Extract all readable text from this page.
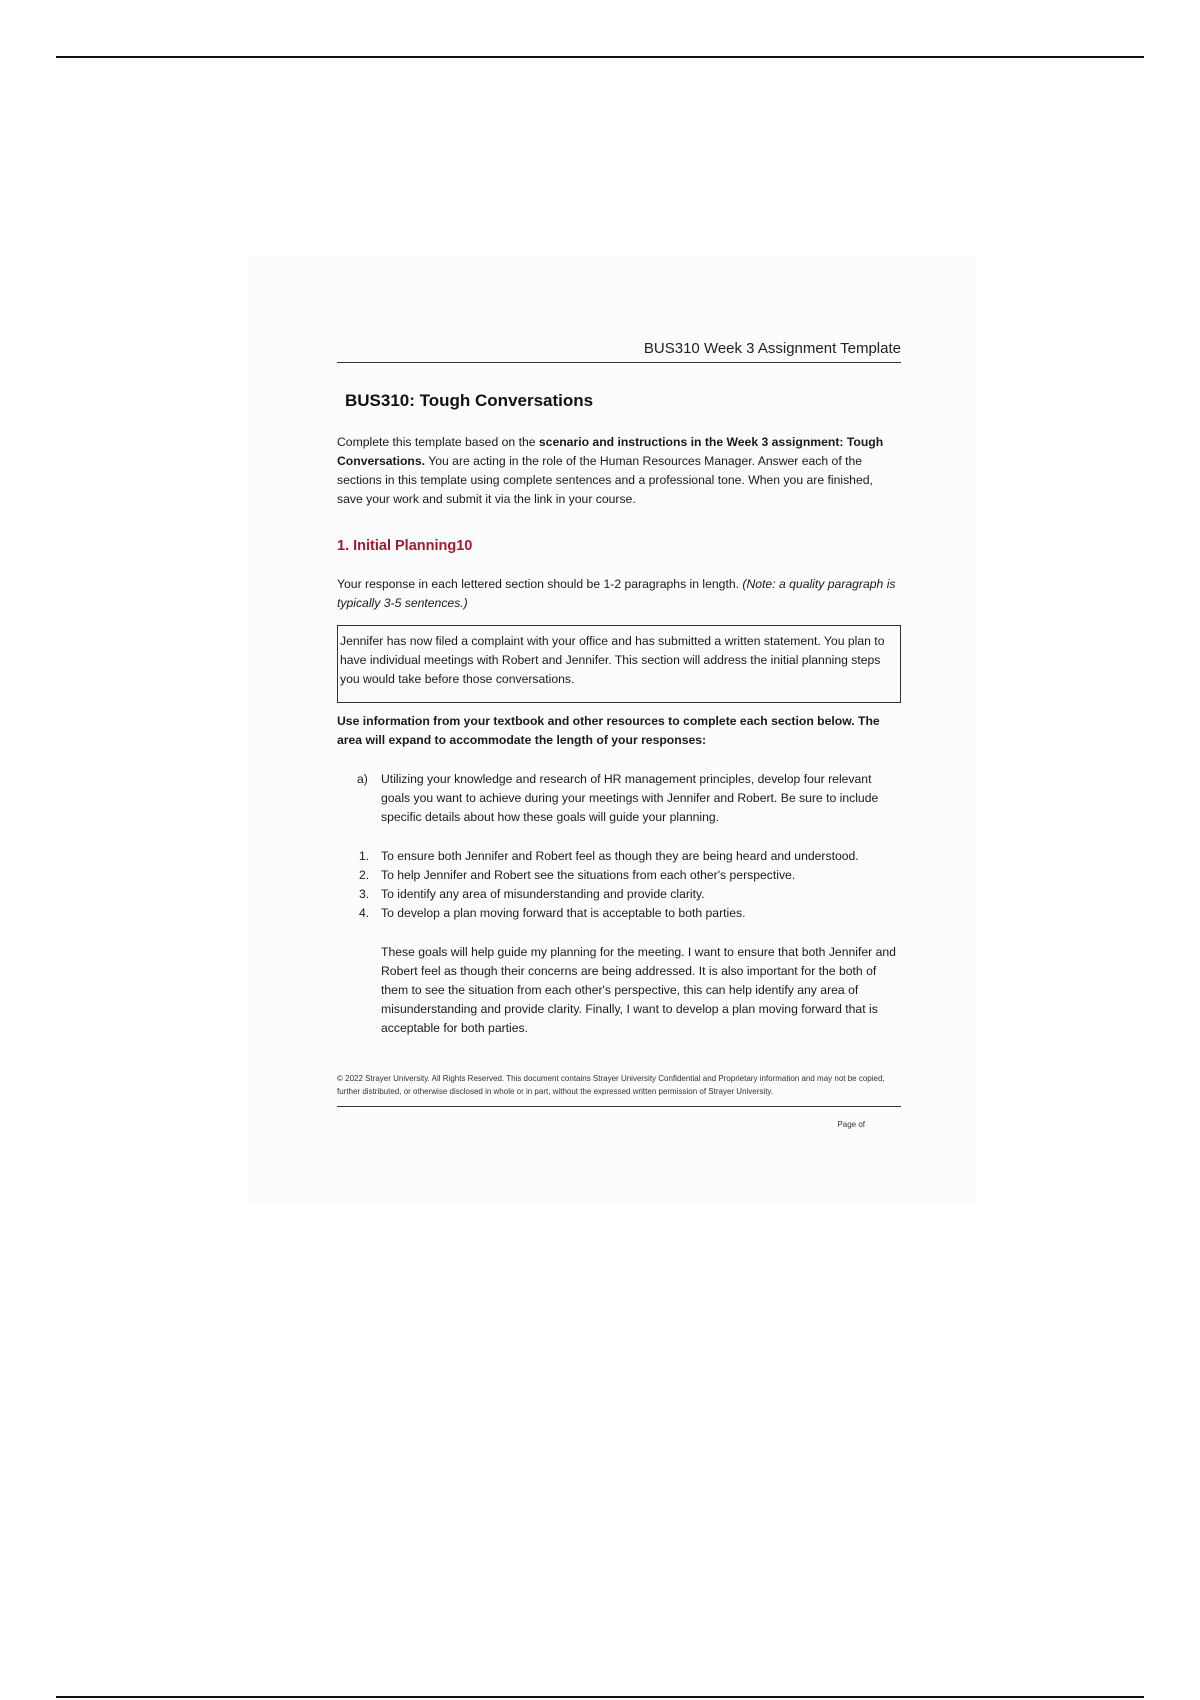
BUS310 Week 3 Assignment Template
BUS310: Tough Conversations

Complete this template based on the scenario and instructions in the Week 3 assignment: Tough Conversations. You are acting in the role of the Human Resources Manager. Answer each of the sections in this template using complete sentences and a professional tone. When you are finished, save your work and submit it via the link in your course.

1. Initial Planning10

Your response in each lettered section should be 1-2 paragraphs in length. (Note: a quality paragraph is typically 3-5 sentences.)

Jennifer has now filed a complaint with your office and has submitted a written statement. You plan to have individual meetings with Robert and Jennifer. This section will address the initial planning steps you would take before those conversations.

Use information from your textbook and other resources to complete each section below. The area will expand to accommodate the length of your responses:

a) Utilizing your knowledge and research of HR management principles, develop four relevant goals you want to achieve during your meetings with Jennifer and Robert. Be sure to include specific details about how these goals will guide your planning.
1. To ensure both Jennifer and Robert feel as though they are being heard and understood.
2. To help Jennifer and Robert see the situations from each other's perspective.
3. To identify any area of misunderstanding and provide clarity.
4. To develop a plan moving forward that is acceptable to both parties.

These goals will help guide my planning for the meeting. I want to ensure that both Jennifer and Robert feel as though their concerns are being addressed. It is also important for the both of them to see the situation from each other's perspective, this can help identify any area of misunderstanding and provide clarity. Finally, I want to develop a plan moving forward that is acceptable for both parties.

© 2022 Strayer University. All Rights Reserved. This document contains Strayer University Confidential and Proprietary information and may not be copied, further distributed, or otherwise disclosed in whole or in part, without the expressed written permission of Strayer University.
Page of
